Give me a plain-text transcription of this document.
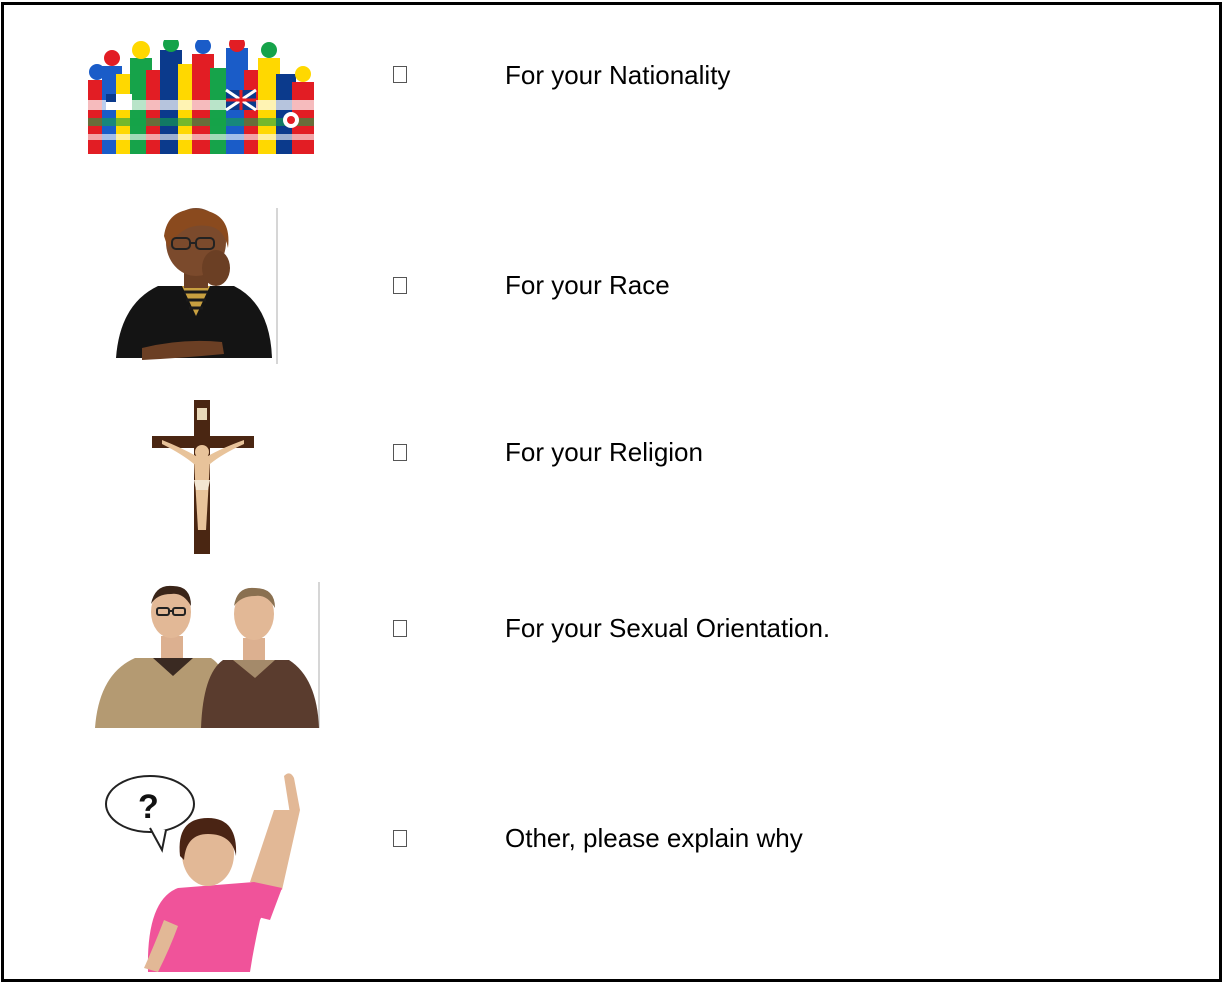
For your Nationality
For your Race
For your Religion
For your Sexual Orientation.
?
Other, please explain why
